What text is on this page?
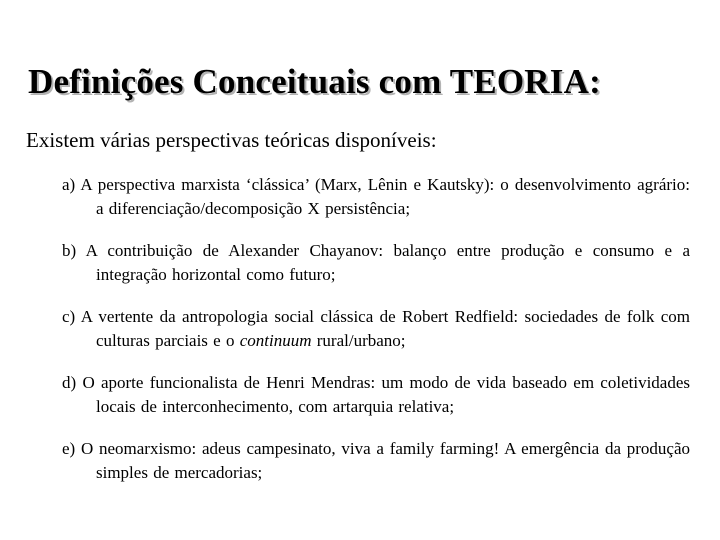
Definições Conceituais com TEORIA:

Existem várias perspectivas teóricas disponíveis:

a) A perspectiva marxista ‘clássica’ (Marx, Lênin e Kautsky): o desenvolvimento agrário: a diferenciação/decomposição X persistência;
b) A contribuição de Alexander Chayanov: balanço entre produção e consumo e a integração horizontal como futuro;
c) A vertente da antropologia social clássica de Robert Redfield: sociedades de folk com culturas parciais e o continuum rural/urbano;
d) O aporte funcionalista de Henri Mendras: um modo de vida baseado em coletividades locais de interconhecimento, com artarquia relativa;
e) O neomarxismo: adeus campesinato, viva a family farming! A emergência da produção simples de mercadorias;
